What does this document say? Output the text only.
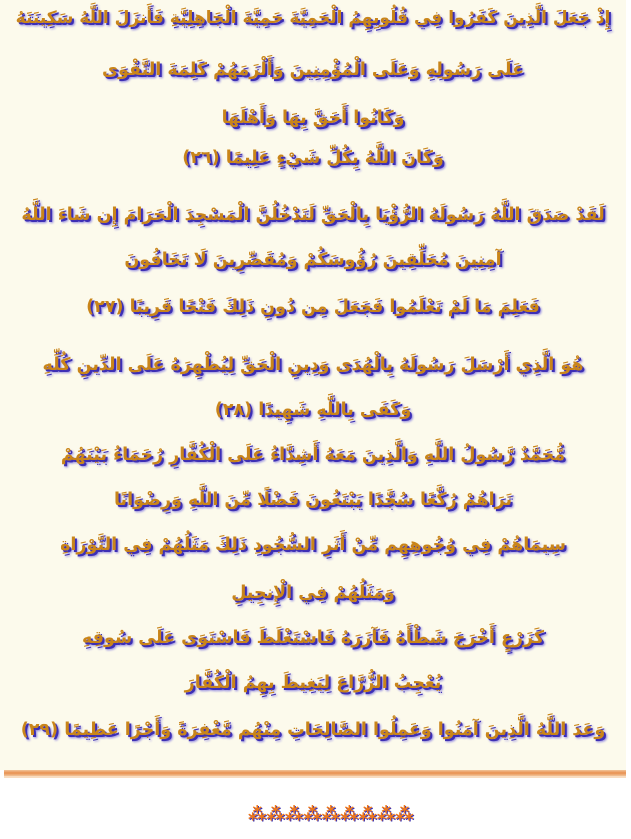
إِذْ جَعَلَ الَّذِينَ كَفَرُوا فِي قُلُوبِهِمُ الْحَمِيَّةَ حَمِيَّةَ الْجَاهِلِيَّةِ فَأَنزَلَ اللَّهُ سَكِينَتَهُ
عَلَى رَسُولِهِ وَعَلَى الْمُؤْمِنِينَ وَأَلْزَمَهُمْ كَلِمَةَ التَّقْوَى
وَكَانُوا أَحَقَّ بِهَا وَأَهْلَهَا
وَكَانَ اللَّهُ بِكُلِّ شَيْءٍ عَلِيمًا (٢٦)
لَقَدْ صَدَقَ اللَّهُ رَسُولَهُ الرُّؤْيَا بِالْحَقِّ لَتَدْخُلُنَّ الْمَسْجِدَ الْحَرَامَ إِن شَاءَ اللَّهُ
آمِنِينَ مُحَلِّقِينَ رُؤُوسَكُمْ وَمُقَصِّرِينَ لَا تَخَافُونَ
فَعَلِمَ مَا لَمْ تَعْلَمُوا فَجَعَلَ مِن دُونِ ذَلِكَ فَتْحًا قَرِيبًا (٢٧)
هُوَ الَّذِي أَرْسَلَ رَسُولَهُ بِالْهُدَى وَدِينِ الْحَقِّ لِيُظْهِرَهُ عَلَى الدِّينِ كُلِّهِ
وَكَفَى بِاللَّهِ شَهِيدًا (٢٨)
مُّحَمَّدٌ رَّسُولُ اللَّهِ وَالَّذِينَ مَعَهُ أَشِدَّاءُ عَلَى الْكُفَّارِ رُحَمَاءُ بَيْنَهُمْ
تَرَاهُمْ رُكَّعًا سُجَّدًا يَبْتَغُونَ فَضْلًا مِّنَ اللَّهِ وَرِضْوَانًا
سِيمَاهُمْ فِي وُجُوهِهِم مِّنْ أَثَرِ السُّجُودِ ذَلِكَ مَثَلُهُمْ فِي التَّوْرَاةِ
وَمَثَلُهُمْ فِي الْإِنجِيلِ
كَزَرْعٍ أَخْرَجَ شَطْأَهُ فَآزَرَهُ فَاسْتَغْلَظَ فَاسْتَوَى عَلَى سُوقِهِ
يُعْجِبُ الزُّرَّاعَ لِيَغِيظَ بِهِمُ الْكُفَّارَ
وَعَدَ اللَّهُ الَّذِينَ آمَنُوا وَعَمِلُوا الصَّالِحَاتِ مِنْهُم مَّغْفِرَةً وَأَجْرًا عَظِيمًا (٢٩)
⁂⁂⁂⁂⁂⁂⁂⁂⁂
